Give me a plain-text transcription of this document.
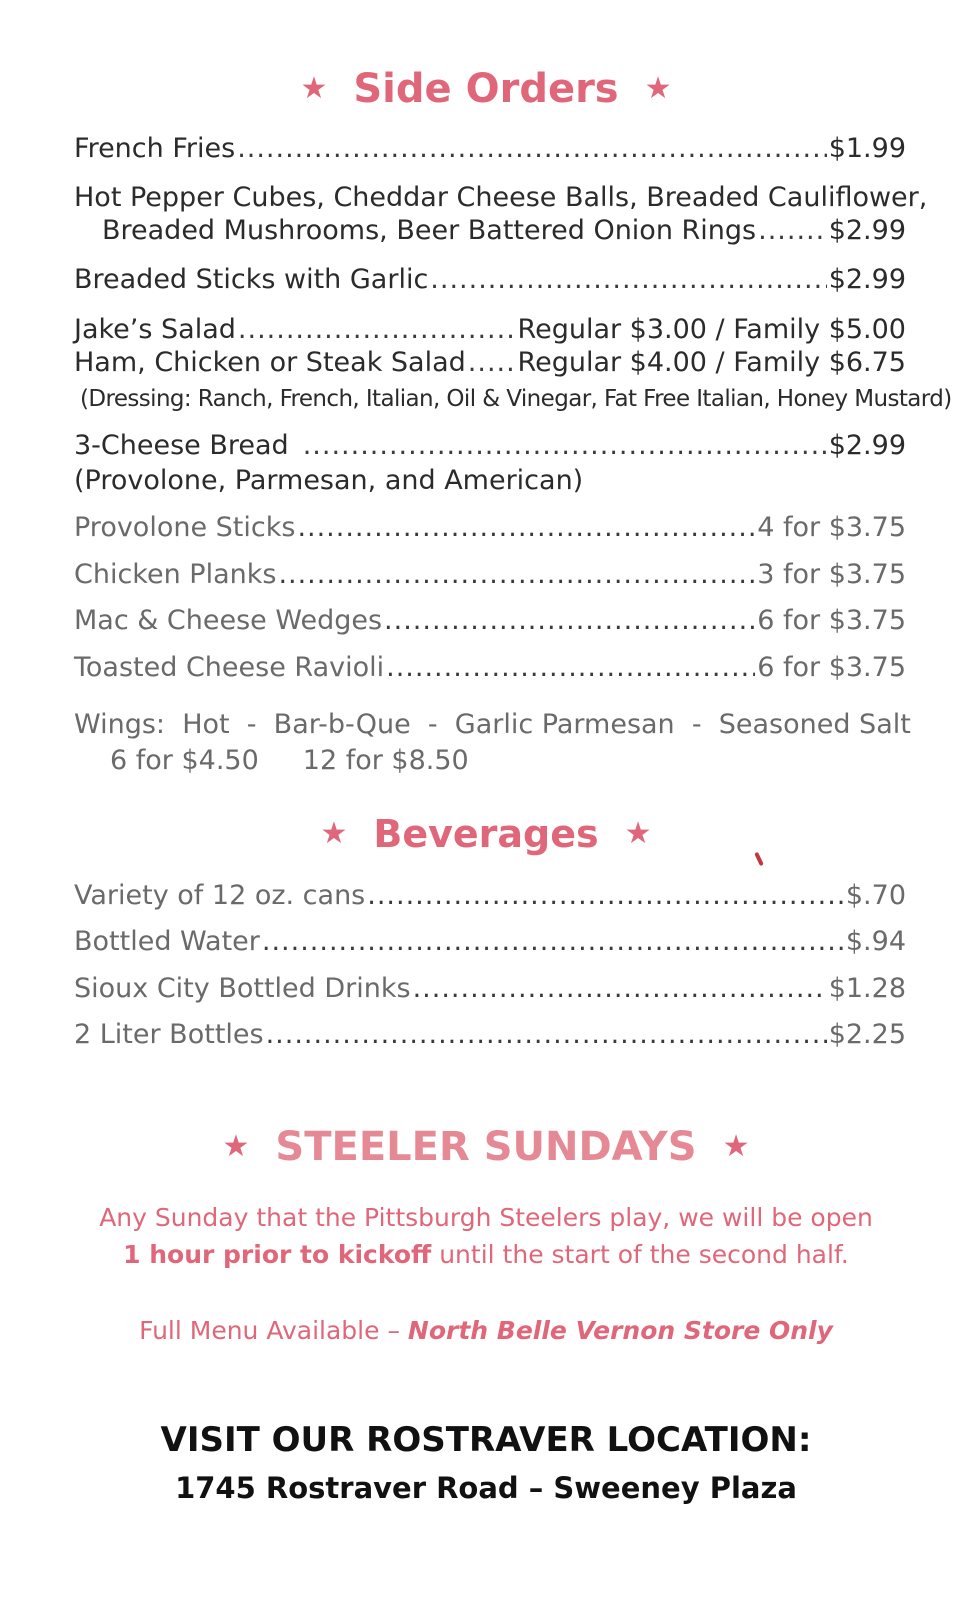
★ Side Orders ★
French Fries .....	$1.99
Hot Pepper Cubes, Cheddar Cheese Balls, Breaded Cauliflower,
Breaded Mushrooms, Beer Battered Onion Rings .....	$2.99
Breaded Sticks with Garlic .....	$2.99
Jake’s Salad .....	Regular $3.00 / Family $5.00
Ham, Chicken or Steak Salad ..... Regular $4.00 / Family $6.75
(Dressing: Ranch, French, Italian, Oil & Vinegar, Fat Free Italian, Honey Mustard)
3-Cheese Bread .....	$2.99
(Provolone, Parmesan, and American)
Provolone Sticks .....	4 for $3.75
Chicken Planks .....	3 for $3.75
Mac & Cheese Wedges .....	6 for $3.75
Toasted Cheese Ravioli .....	6 for $3.75
Wings: Hot  -  Bar-b-Que  -  Garlic Parmesan  -  Seasoned Salt
6 for $4.50 12 for $8.50
★ Beverages ★
Variety of 12 oz. cans .....	$.70
Bottled Water .....	$.94
Sioux City Bottled Drinks .....	$1.28
2 Liter Bottles .....	$2.25
★ STEELER SUNDAYS ★
Any Sunday that the Pittsburgh Steelers play, we will be open
1 hour prior to kickoff until the start of the second half.
Full Menu Available – North Belle Vernon Store Only
VISIT OUR ROSTRAVER LOCATION:
1745 Rostraver Road – Sweeney Plaza
